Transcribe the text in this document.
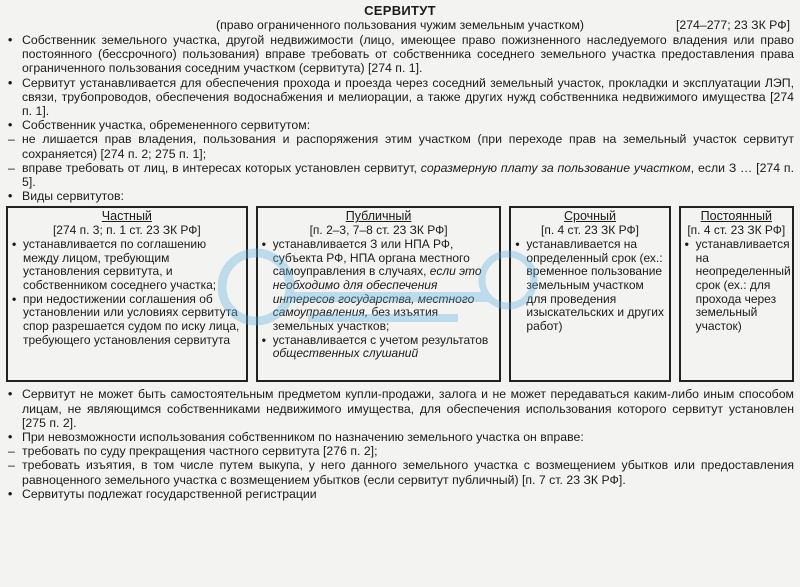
СЕРВИТУТ
(право ограниченного пользования чужим земельным участком)	[274–277; 23 ЗК РФ]
• Собственник земельного участка, другой недвижимости (лицо, имеющее право пожизненного наследуемого владения или право постоянного (бессрочного) пользования) вправе требовать от собственника соседнего земельного участка предоставления права ограниченного пользования соседним участком (сервитута) [274 п. 1].
• Сервитут устанавливается для обеспечения прохода и проезда через соседний земельный участок, прокладки и эксплуатации ЛЭП, связи, трубопроводов, обеспечения водоснабжения и мелиорации, а также других нужд собственника недвижимого имущества [274 п. 1].
• Собственник участка, обремененного сервитутом:
– не лишается прав владения, пользования и распоряжения этим участком (при переходе прав на земельный участок сервитут сохраняется) [274 п. 2; 275 п. 1];
– вправе требовать от лиц, в интересах которых установлен сервитут, соразмерную плату за пользование участком, если З … [274 п. 5].
• Виды сервитутов:
Частный
[274 п. 3; п. 1 ст. 23 ЗК РФ]
• устанавливается по соглашению между лицом, требующим установления сервитута, и собственником соседнего участка;
• при недостижении соглашения об установлении или условиях сервитута спор разрешается судом по иску лица, требующего установления сервитута
Публичный
[п. 2–3, 7–8 ст. 23 ЗК РФ]
• устанавливается З или НПА РФ, субъекта РФ, НПА органа местного самоуправления в случаях, если это необходимо для обеспечения интересов государства, местного самоуправления, без изъятия земельных участков;
• устанавливается с учетом результатов общественных слушаний
Срочный
[п. 4 ст. 23 ЗК РФ]
• устанавливается на определенный срок (ех.: временное пользование земельным участком для проведения изыскательских и других работ)
Постоянный
[п. 4 ст. 23 ЗК РФ]
• устанавливается на неопределенный срок (ех.: для прохода через земельный участок)
• Сервитут не может быть самостоятельным предметом купли-продажи, залога и не может передаваться каким-либо иным способом лицам, не являющимся собственниками недвижимого имущества, для обеспечения использования которого сервитут установлен [275 п. 2].
• При невозможности использования собственником по назначению земельного участка он вправе:
– требовать по суду прекращения частного сервитута [276 п. 2];
– требовать изъятия, в том числе путем выкупа, у него данного земельного участка с возмещением убытков или предоставления равноценного земельного участка с возмещением убытков (если сервитут публичный) [п. 7 ст. 23 ЗК РФ].
• Сервитуты подлежат государственной регистрации
